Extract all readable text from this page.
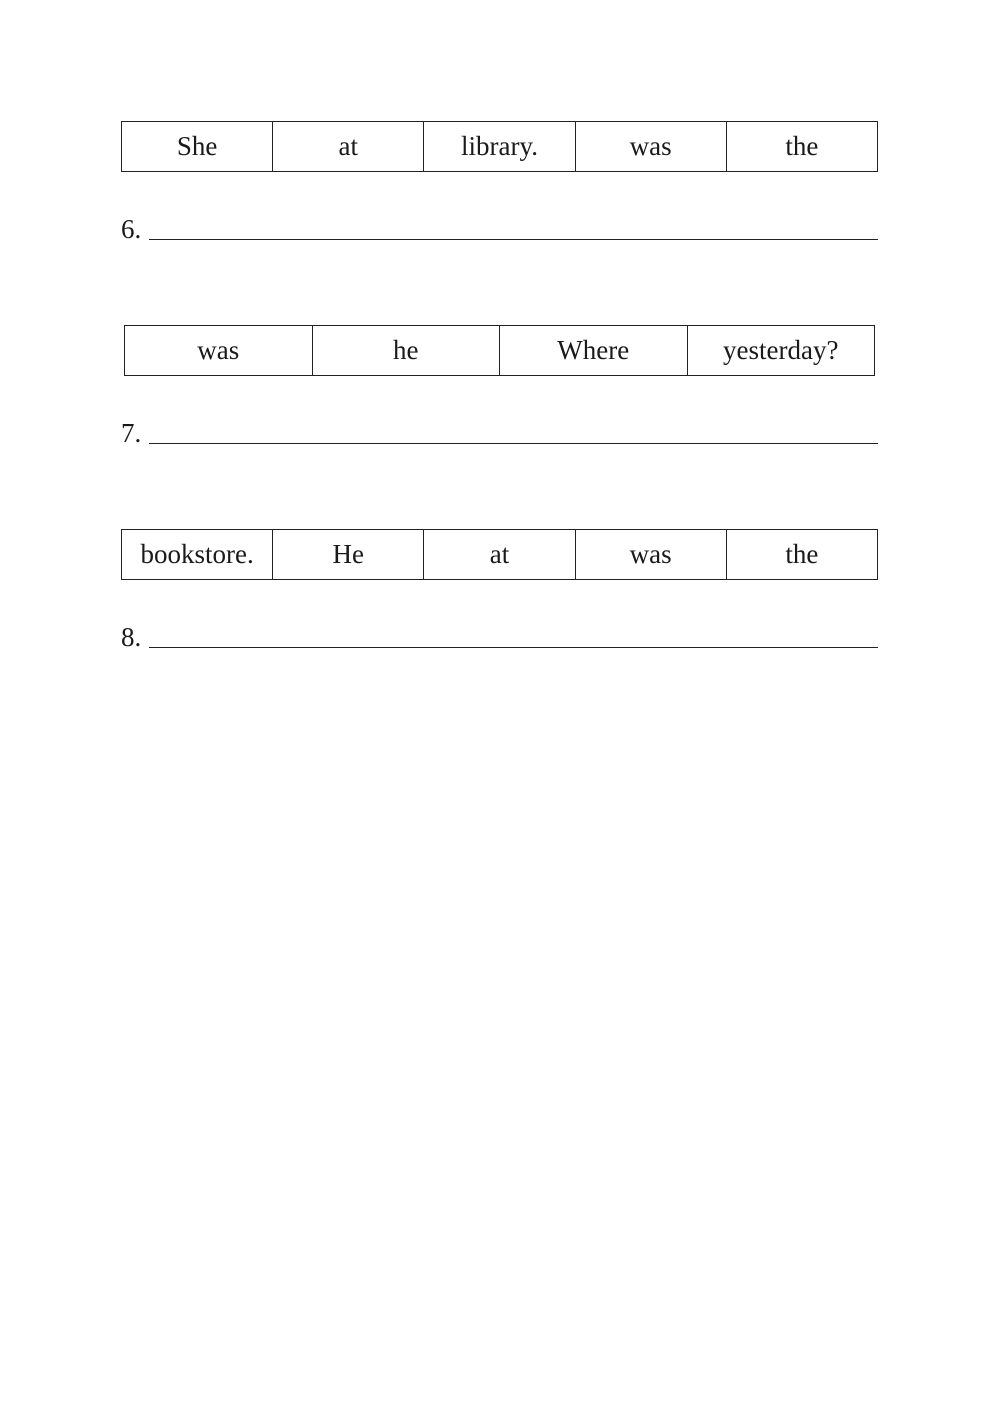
She	at	library.	was	the
6.
was	he	Where	yesterday?
7.
bookstore.	He	at	was	the
8.
